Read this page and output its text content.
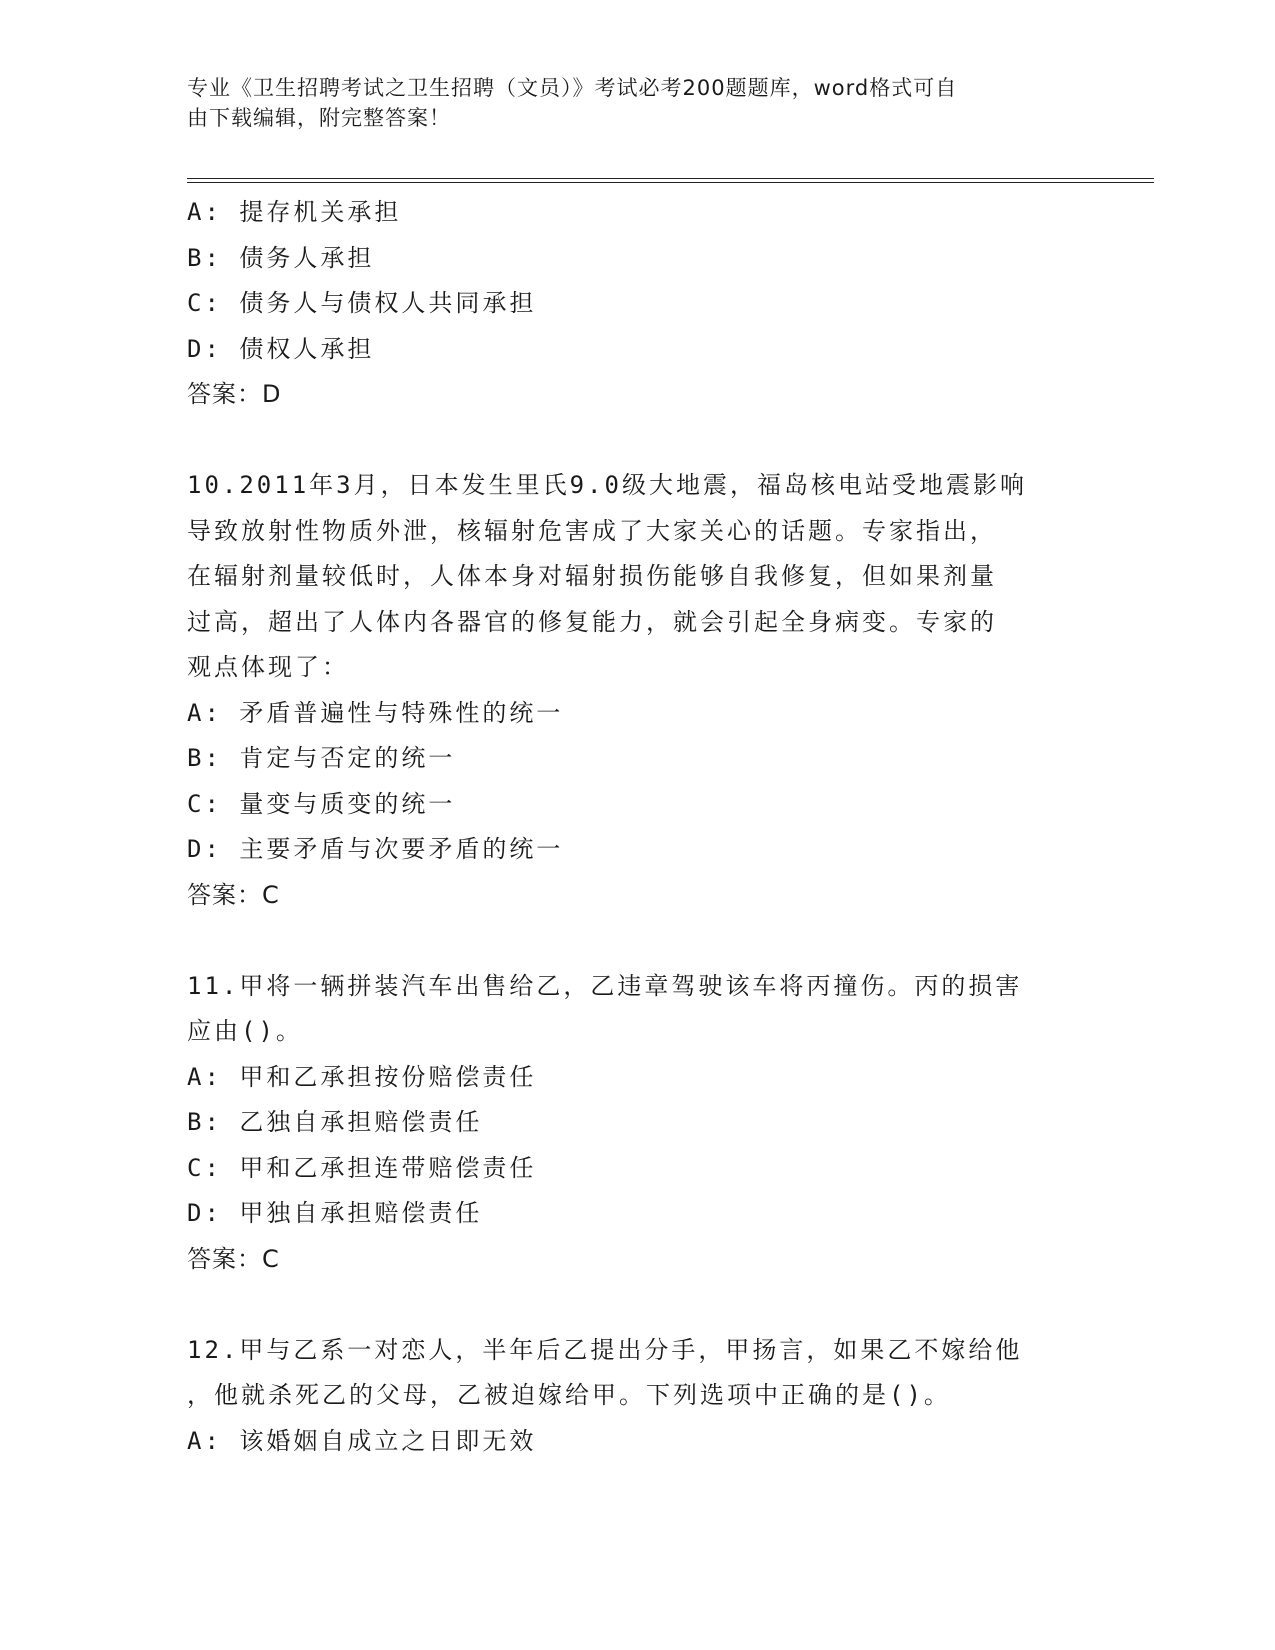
专业《卫生招聘考试之卫生招聘（文员）》考试必考200题题库，word格式可自
由下载编辑，附完整答案！
A: 提存机关承担
B: 债务人承担
C: 债务人与债权人共同承担
D: 债权人承担
答案：D
10.2011年3月，日本发生里氏9.0级大地震，福岛核电站受地震影响
导致放射性物质外泄，核辐射危害成了大家关心的话题。专家指出，
在辐射剂量较低时，人体本身对辐射损伤能够自我修复，但如果剂量
过高，超出了人体内各器官的修复能力，就会引起全身病变。专家的
观点体现了：
A: 矛盾普遍性与特殊性的统一
B: 肯定与否定的统一
C: 量变与质变的统一
D: 主要矛盾与次要矛盾的统一
答案：C
11.甲将一辆拼装汽车出售给乙，乙违章驾驶该车将丙撞伤。丙的损害
应由()。
A: 甲和乙承担按份赔偿责任
B: 乙独自承担赔偿责任
C: 甲和乙承担连带赔偿责任
D: 甲独自承担赔偿责任
答案：C
12.甲与乙系一对恋人，半年后乙提出分手，甲扬言，如果乙不嫁给他
，他就杀死乙的父母，乙被迫嫁给甲。下列选项中正确的是()。
A: 该婚姻自成立之日即无效
